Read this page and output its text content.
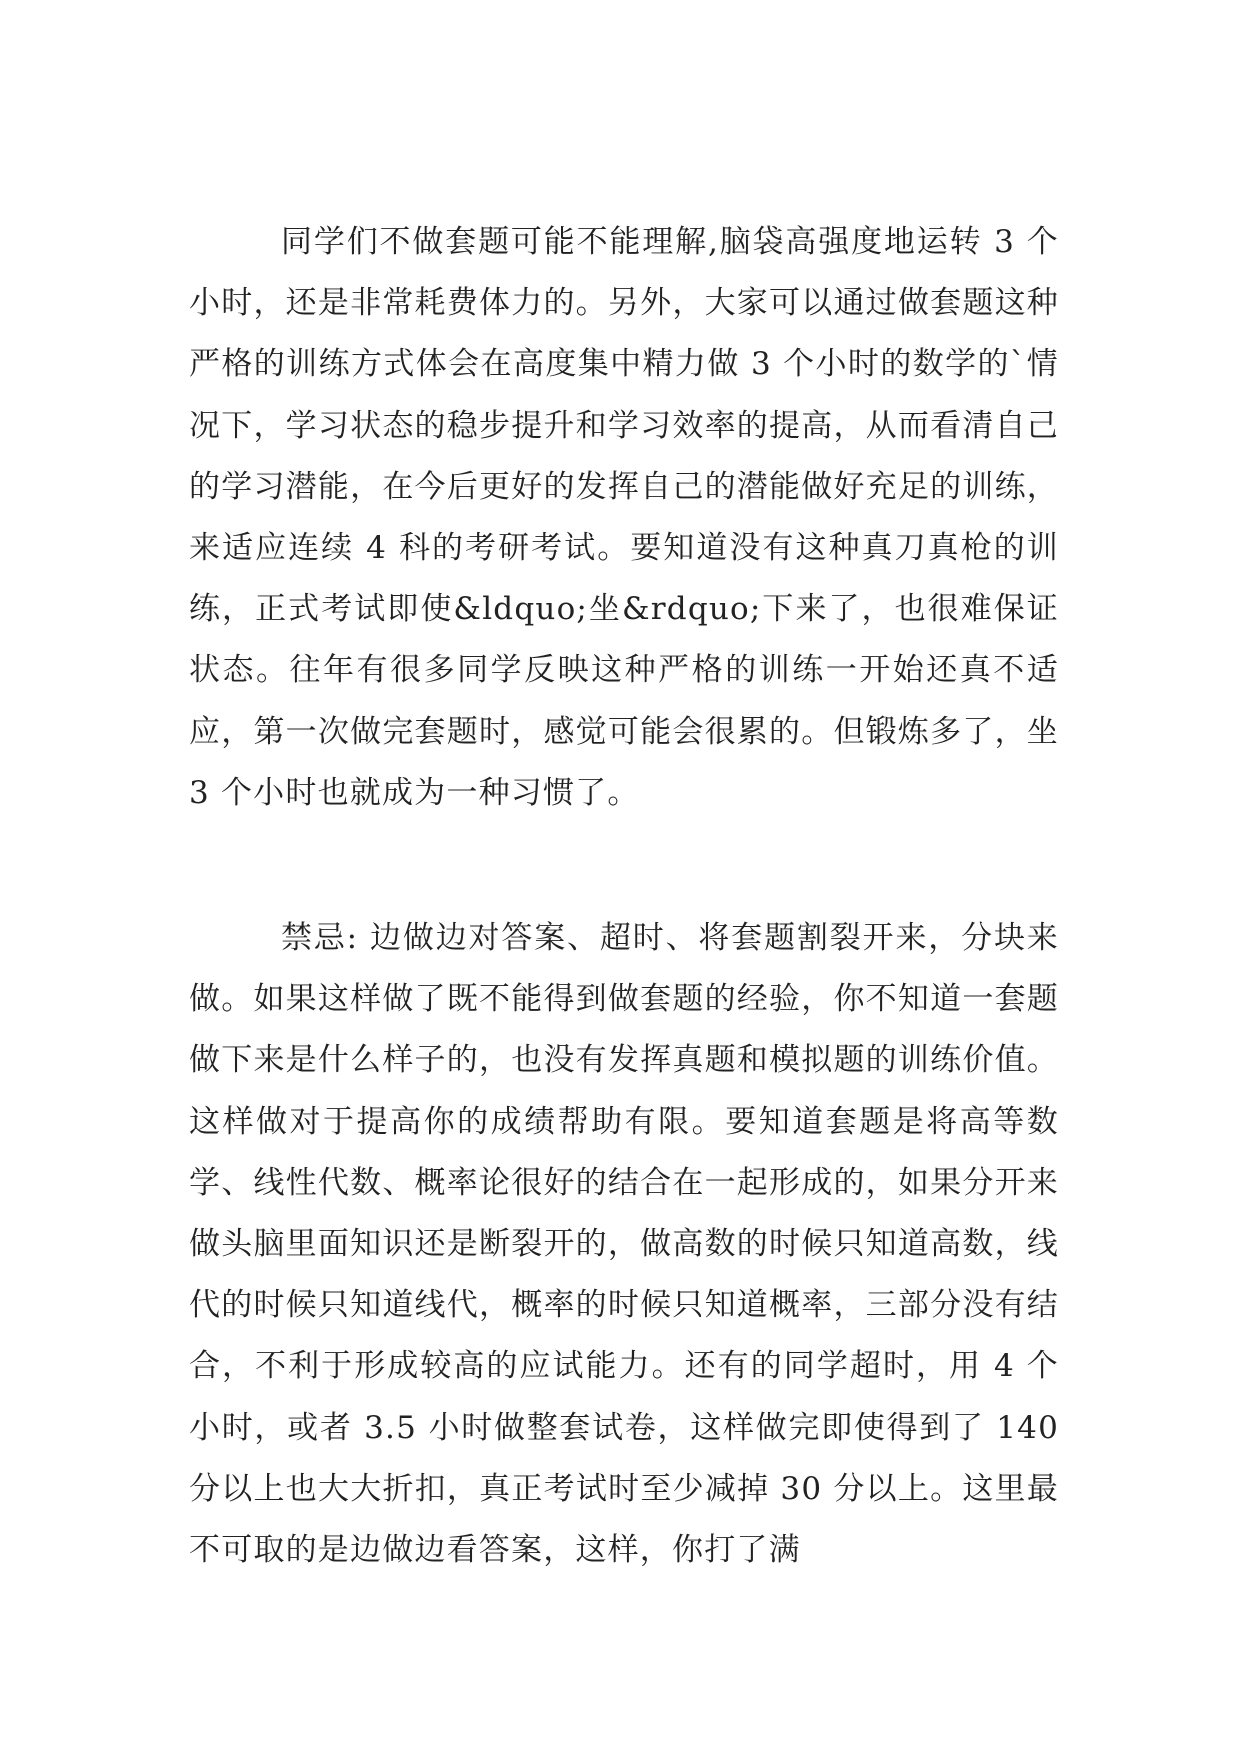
同学们不做套题可能不能理解,脑袋高强度地运转 3 个小时，还是非常耗费体力的。另外，大家可以通过做套题这种严格的训练方式体会在高度集中精力做 3 个小时的数学的`情况下，学习状态的稳步提升和学习效率的提高，从而看清自己的学习潜能，在今后更好的发挥自己的潜能做好充足的训练，来适应连续 4 科的考研考试。要知道没有这种真刀真枪的训练，正式考试即使&ldquo;坐&rdquo;下来了，也很难保证状态。往年有很多同学反映这种严格的训练一开始还真不适应，第一次做完套题时，感觉可能会很累的。但锻炼多了，坐 3 个小时也就成为一种习惯了。

禁忌: 边做边对答案、超时、将套题割裂开来，分块来做。如果这样做了既不能得到做套题的经验，你不知道一套题做下来是什么样子的，也没有发挥真题和模拟题的训练价值。这样做对于提高你的成绩帮助有限。要知道套题是将高等数学、线性代数、概率论很好的结合在一起形成的，如果分开来做头脑里面知识还是断裂开的，做高数的时候只知道高数，线代的时候只知道线代，概率的时候只知道概率，三部分没有结合，不利于形成较高的应试能力。还有的同学超时，用 4 个小时，或者 3.5 小时做整套试卷，这样做完即使得到了 140 分以上也大大折扣，真正考试时至少减掉 30 分以上。这里最不可取的是边做边看答案，这样，你打了满
